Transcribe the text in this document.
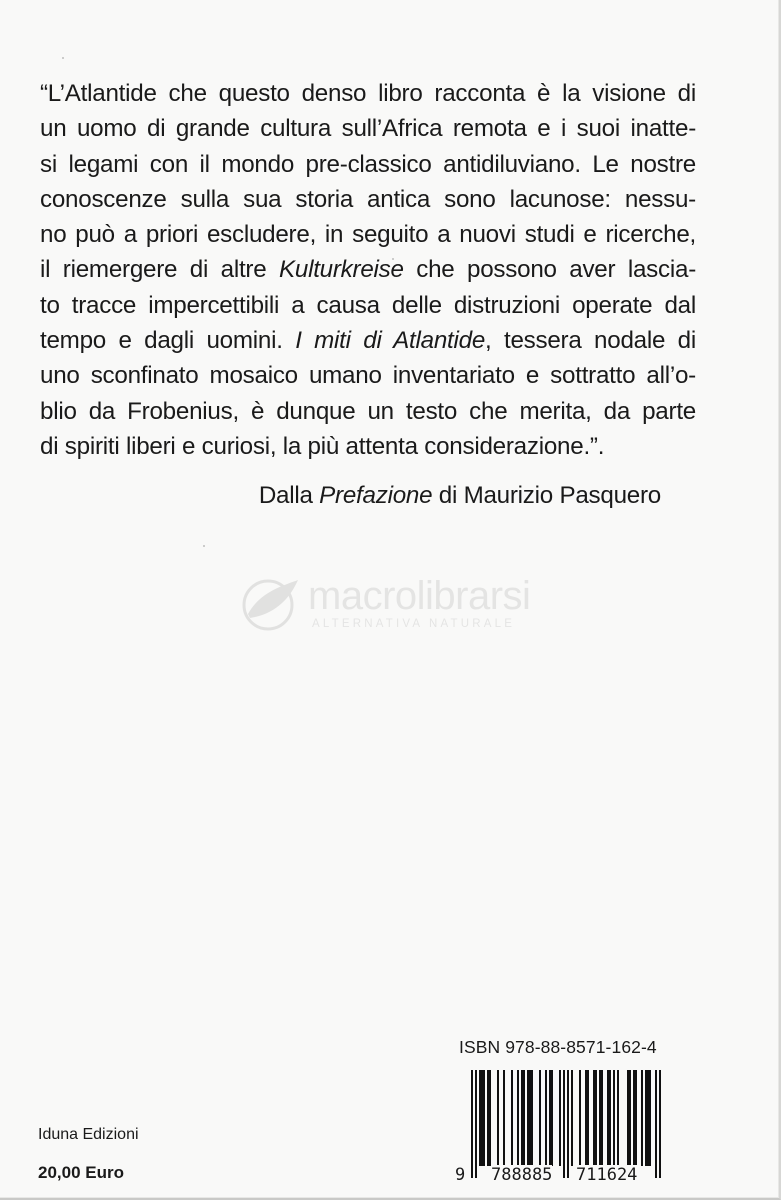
“L’Atlantide che questo denso libro racconta è la visione di
un uomo di grande cultura sull’Africa remota e i suoi inatte-
si legami con il mondo pre-classico antidiluviano. Le nostre
conoscenze sulla sua storia antica sono lacunose: nessu-
no può a priori escludere, in seguito a nuovi studi e ricerche,
il riemergere di altre Kulturkreise che possono aver lascia-
to tracce impercettibili a causa delle distruzioni operate dal
tempo e dagli uomini. I miti di Atlantide, tessera nodale di
uno sconfinato mosaico umano inventariato e sottratto all’o-
blio da Frobenius, è dunque un testo che merita, da parte
di spiriti liberi e curiosi, la più attenta considerazione.”.
Dalla Prefazione di Maurizio Pasquero
macrolibrarsi
ALTERNATIVA NATURALE
Iduna Edizioni
20,00 Euro
ISBN 978-88-8571-162-4
9 788885 711624
